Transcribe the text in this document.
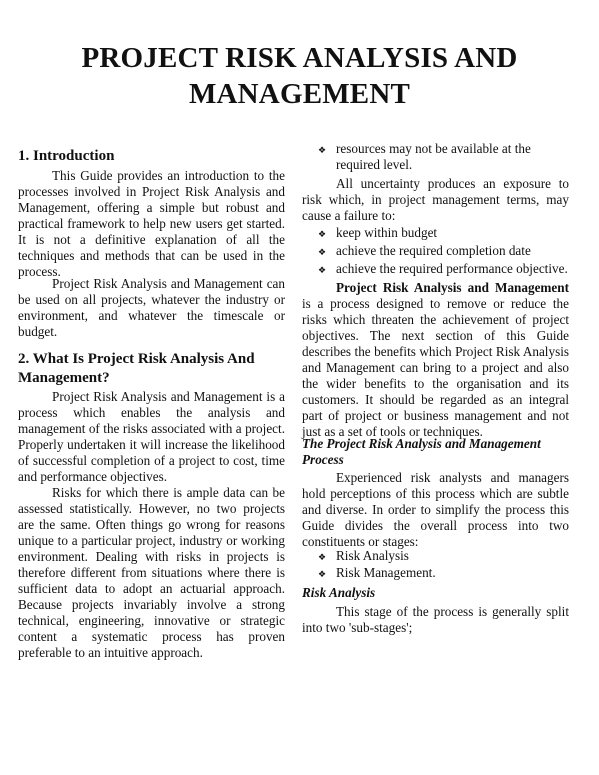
PROJECT RISK ANALYSIS AND
MANAGEMENT
1. Introduction
This Guide provides an introduction to the processes involved in Project Risk Analysis and Management, offering a simple but robust and practical framework to help new users get started. It is not a definitive explanation of all the techniques and methods that can be used in the process.
Project Risk Analysis and Management can be used on all projects, whatever the industry or environment, and whatever the timescale or budget.
2. What Is Project Risk Analysis And Management?
Project Risk Analysis and Management is a process which enables the analysis and management of the risks associated with a project. Properly undertaken it will increase the likelihood of successful completion of a project to cost, time and performance objectives.
Risks for which there is ample data can be assessed statistically. However, no two projects are the same. Often things go wrong for reasons unique to a particular project, industry or working environment. Dealing with risks in projects is therefore different from situations where there is sufficient data to adopt an actuarial approach. Because projects invariably involve a strong technical, engineering, innovative or strategic content a systematic process has proven preferable to an intuitive approach.
❖ resources may not be available at the required level.
All uncertainty produces an exposure to risk which, in project management terms, may cause a failure to:
❖ keep within budget
❖ achieve the required completion date
❖ achieve the required performance objective.
Project Risk Analysis and Management is a process designed to remove or reduce the risks which threaten the achievement of project objectives. The next section of this Guide describes the benefits which Project Risk Analysis and Management can bring to a project and also the wider benefits to the organisation and its customers. It should be regarded as an integral part of project or business management and not just as a set of tools or techniques.
The Project Risk Analysis and Management Process
Experienced risk analysts and managers hold perceptions of this process which are subtle and diverse. In order to simplify the process this Guide divides the overall process into two constituents or stages:
❖ Risk Analysis
❖ Risk Management.
Risk Analysis
This stage of the process is generally split into two 'sub-stages';
